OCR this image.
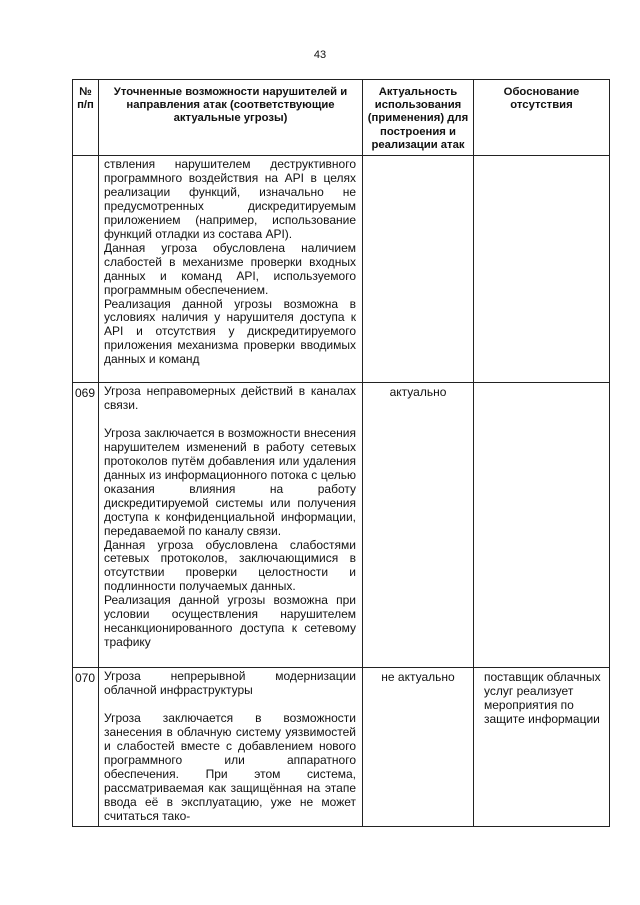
43
№ п/п	Уточненные возможности нарушителей и направления атак (соответствующие актуальные угрозы)	Актуальность использования (применения) для построения и реализации атак	Обоснование отсутствия

	ствления нарушителем деструктивного программного воздействия на API в целях реализации функций, изначально не предусмотренных дискредитируемым приложением (например, использование функций отладки из состава API).

Данная угроза обусловлена наличием слабостей в механизме проверки входных данных и команд API, используемого программным обеспечением.

Реализация данной угрозы возможна в условиях наличия у нарушителя доступа к API и отсутствия у дискредитируемого приложения механизма проверки вводимых данных и команд		

069	Угроза неправомерных действий в каналах связи.

Угроза заключается в возможности внесения нарушителем изменений в работу сетевых протоколов путём добавления или удаления данных из информационного потока с целью оказания влияния на работу дискредитируемой системы или получения доступа к конфиденциальной информации, передаваемой по каналу связи.

Данная угроза обусловлена слабостями сетевых протоколов, заключающимися в отсутствии проверки целостности и подлинности получаемых данных.

Реализация данной угрозы возможна при условии осуществления нарушителем несанкционированного доступа к сетевому трафику	актуально	
070	Угроза непрерывной модернизации облачной инфраструктуры

Угроза заключается в возможности занесения в облачную систему уязвимостей и слабостей вместе с добавлением нового программного или аппаратного обеспечения. При этом система, рассматриваемая как защищённая на этапе ввода её в эксплуатацию, уже не может считаться тако-	не актуально	поставщик облачных услуг реализует мероприятия по защите информации
